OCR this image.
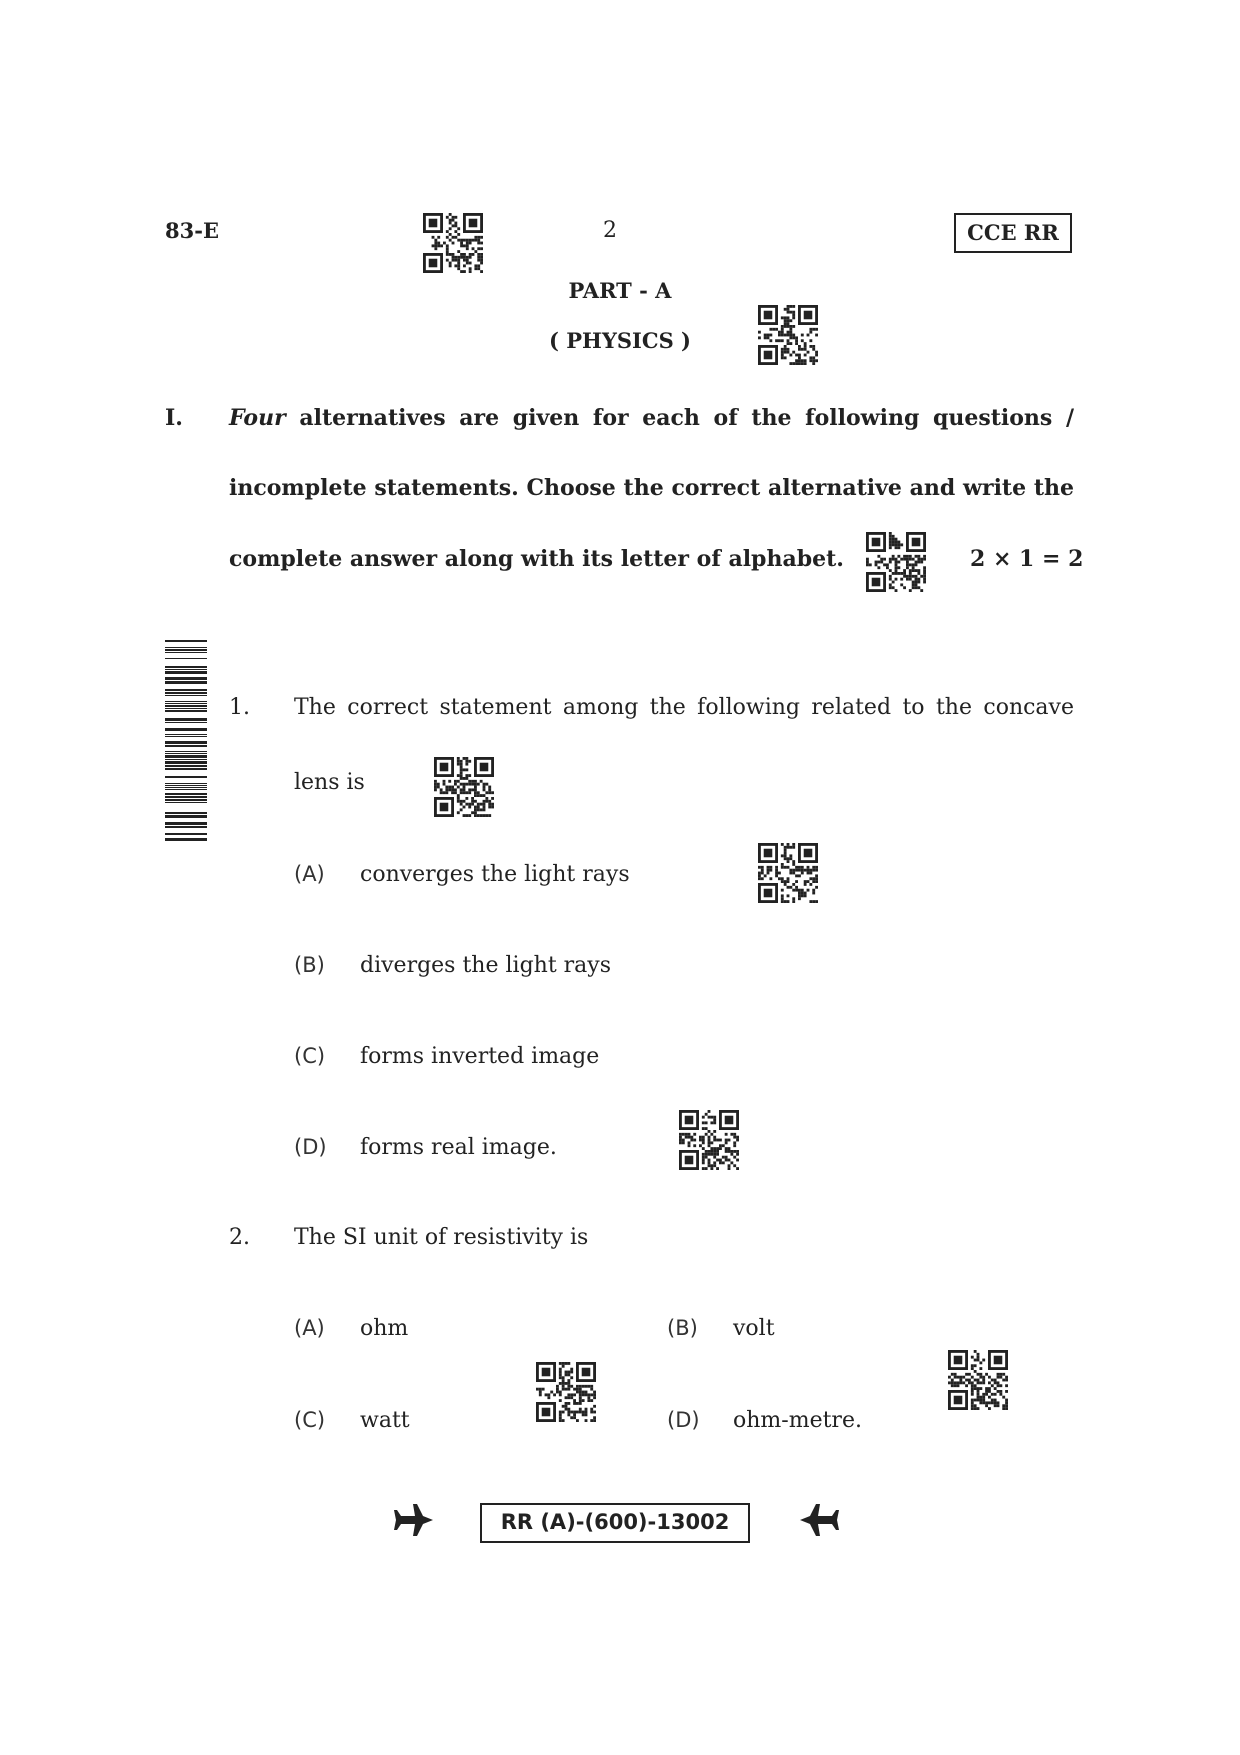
83-E	2	CCE RR
PART - A
( PHYSICS )
I. Four alternatives are given for each of the following questions /
incomplete statements. Choose the correct alternative and write the
complete answer along with its letter of alphabet.	2 × 1 = 2
1. The correct statement among the following related to the concave
lens is
(A) converges the light rays
(B) diverges the light rays
(C) forms inverted image
(D) forms real image.
2. The SI unit of resistivity is
(A) ohm	(B) volt
(C) watt	(D) ohm-metre.
RR (A)-(600)-13002
